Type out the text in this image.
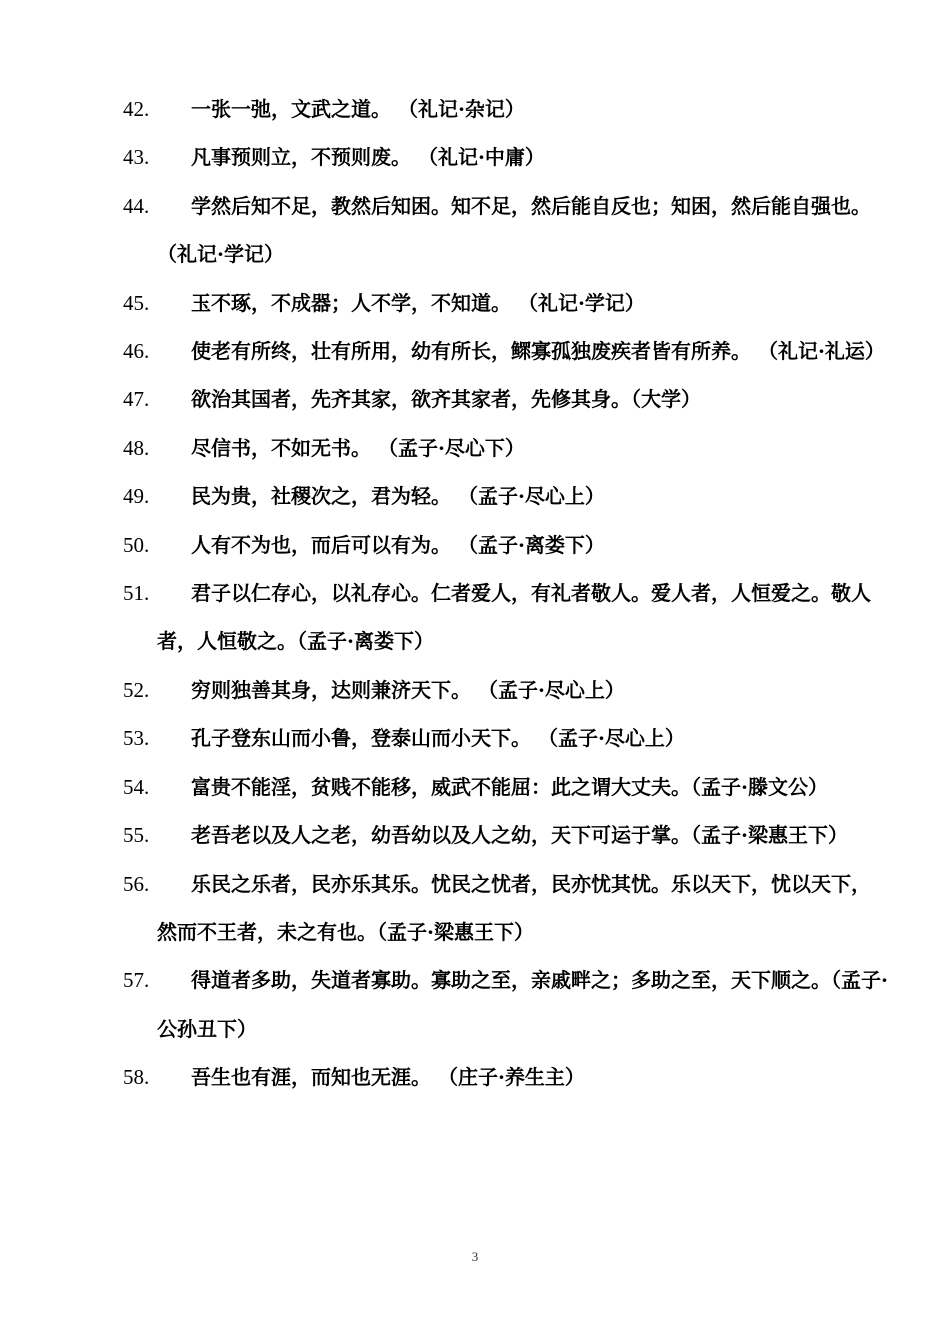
42. 一张一弛，文武之道。 （礼记·杂记）
43. 凡事预则立，不预则废。 （礼记·中庸）
44. 学然后知不足，教然后知困。知不足，然后能自反也；知困，然后能自强也。 （礼记·学记）
45. 玉不琢，不成器；人不学，不知道。 （礼记·学记）
46. 使老有所终，壮有所用，幼有所长，鳏寡孤独废疾者皆有所养。 （礼记·礼运）
47. 欲治其国者，先齐其家，欲齐其家者，先修其身。（大学）
48. 尽信书，不如无书。 （孟子·尽心下）
49. 民为贵，社稷次之，君为轻。 （孟子·尽心上）
50. 人有不为也，而后可以有为。 （孟子·离娄下）
51. 君子以仁存心，以礼存心。仁者爱人，有礼者敬人。爱人者，人恒爱之。敬人者，人恒敬之。（孟子·离娄下）
52. 穷则独善其身，达则兼济天下。 （孟子·尽心上）
53. 孔子登东山而小鲁，登泰山而小天下。 （孟子·尽心上）
54. 富贵不能淫，贫贱不能移，威武不能屈：此之谓大丈夫。（孟子·滕文公）
55. 老吾老以及人之老，幼吾幼以及人之幼，天下可运于掌。（孟子·梁惠王下）
56. 乐民之乐者，民亦乐其乐。忧民之忧者，民亦忧其忧。乐以天下，忧以天下，然而不王者，未之有也。（孟子·梁惠王下）
57. 得道者多助，失道者寡助。寡助之至，亲戚畔之；多助之至，天下顺之。（孟子·公孙丑下）
58. 吾生也有涯，而知也无涯。 （庄子·养生主）
3
